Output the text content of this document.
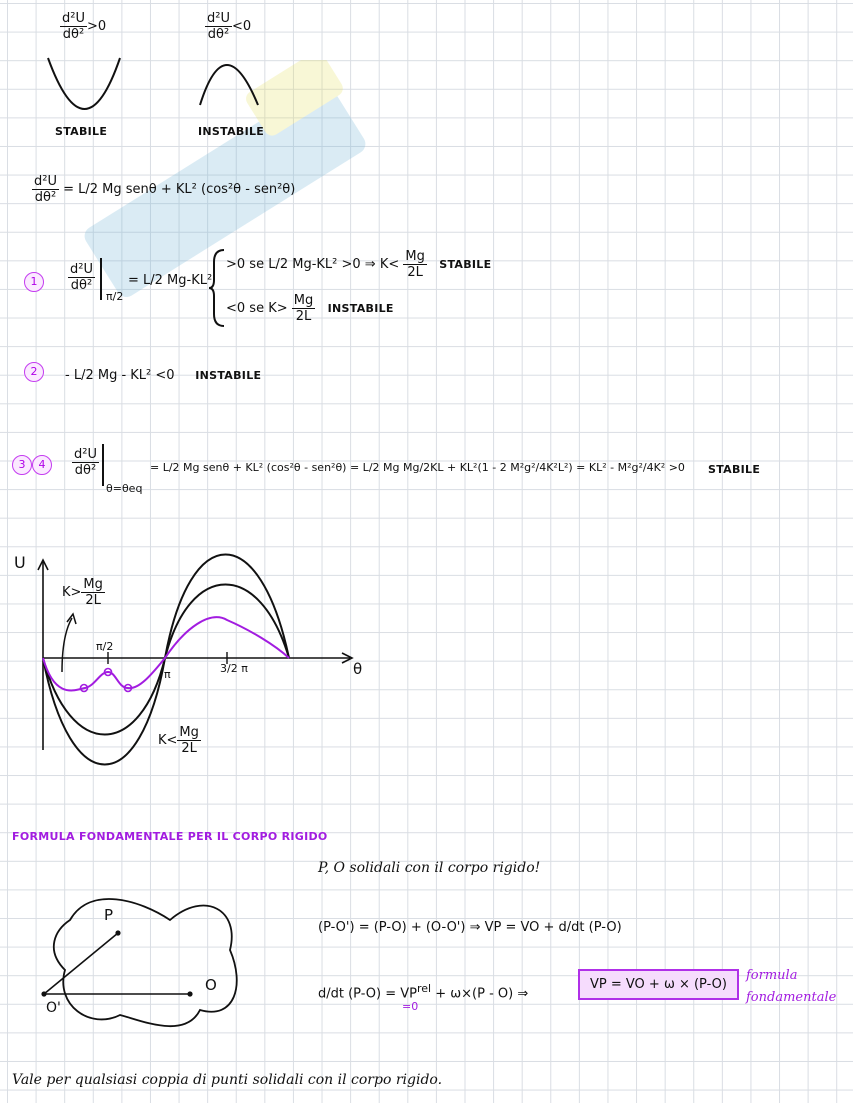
$\frac{\text{d²U}}{\text{dθ²}} >0$	$\frac{\text{d²U}}{\text{dθ²}} <0$
STABILE	INSTABILE
$\frac{\text{d²U}}{\text{dθ²}} = L/2$ Mg senθ + KL² (cos²θ - sen²θ)
1	$\frac{\text{d²U}}{\text{dθ²}}$
π/2
= L/2 Mg-KL²
>0 se L/2 Mg-KL² >0 ⇒ $K< \frac{Mg}{2L}$ STABILE
<0 se $K> \frac{Mg}{2L}$ INSTABILE
2	- L/2 Mg - KL² <0 INSTABILE
3 4	$\frac{\text{d²U}}{\text{dθ²}}$
θ=θeq
= L/2 Mg senθ + KL² (cos²θ - sen²θ) = L/2 Mg Mg/2KL + KL²(1 - 2 M²g²/4K²L²) = KL² - M²g²/4K² >0 STABILE
U
θ
π/2
π	3/2 π
$K> \frac{Mg}{2L}$
$K< \frac{Mg}{2L}$
FORMULA FONDAMENTALE PER IL CORPO RIGIDO
P, O solidali con il corpo rigido!
P
O
O'
(P-O') = (P-O) + (O-O') ⇒ VP = VO + d/dt (P-O)
d/dt $(P-O) = VP^{rel} + \omega\times(P - O)$ ⇒
=0
VP = VO + ω × (P-O)
formula
fondamentale
Vale per qualsiasi coppia di punti solidali con il corpo rigido.
